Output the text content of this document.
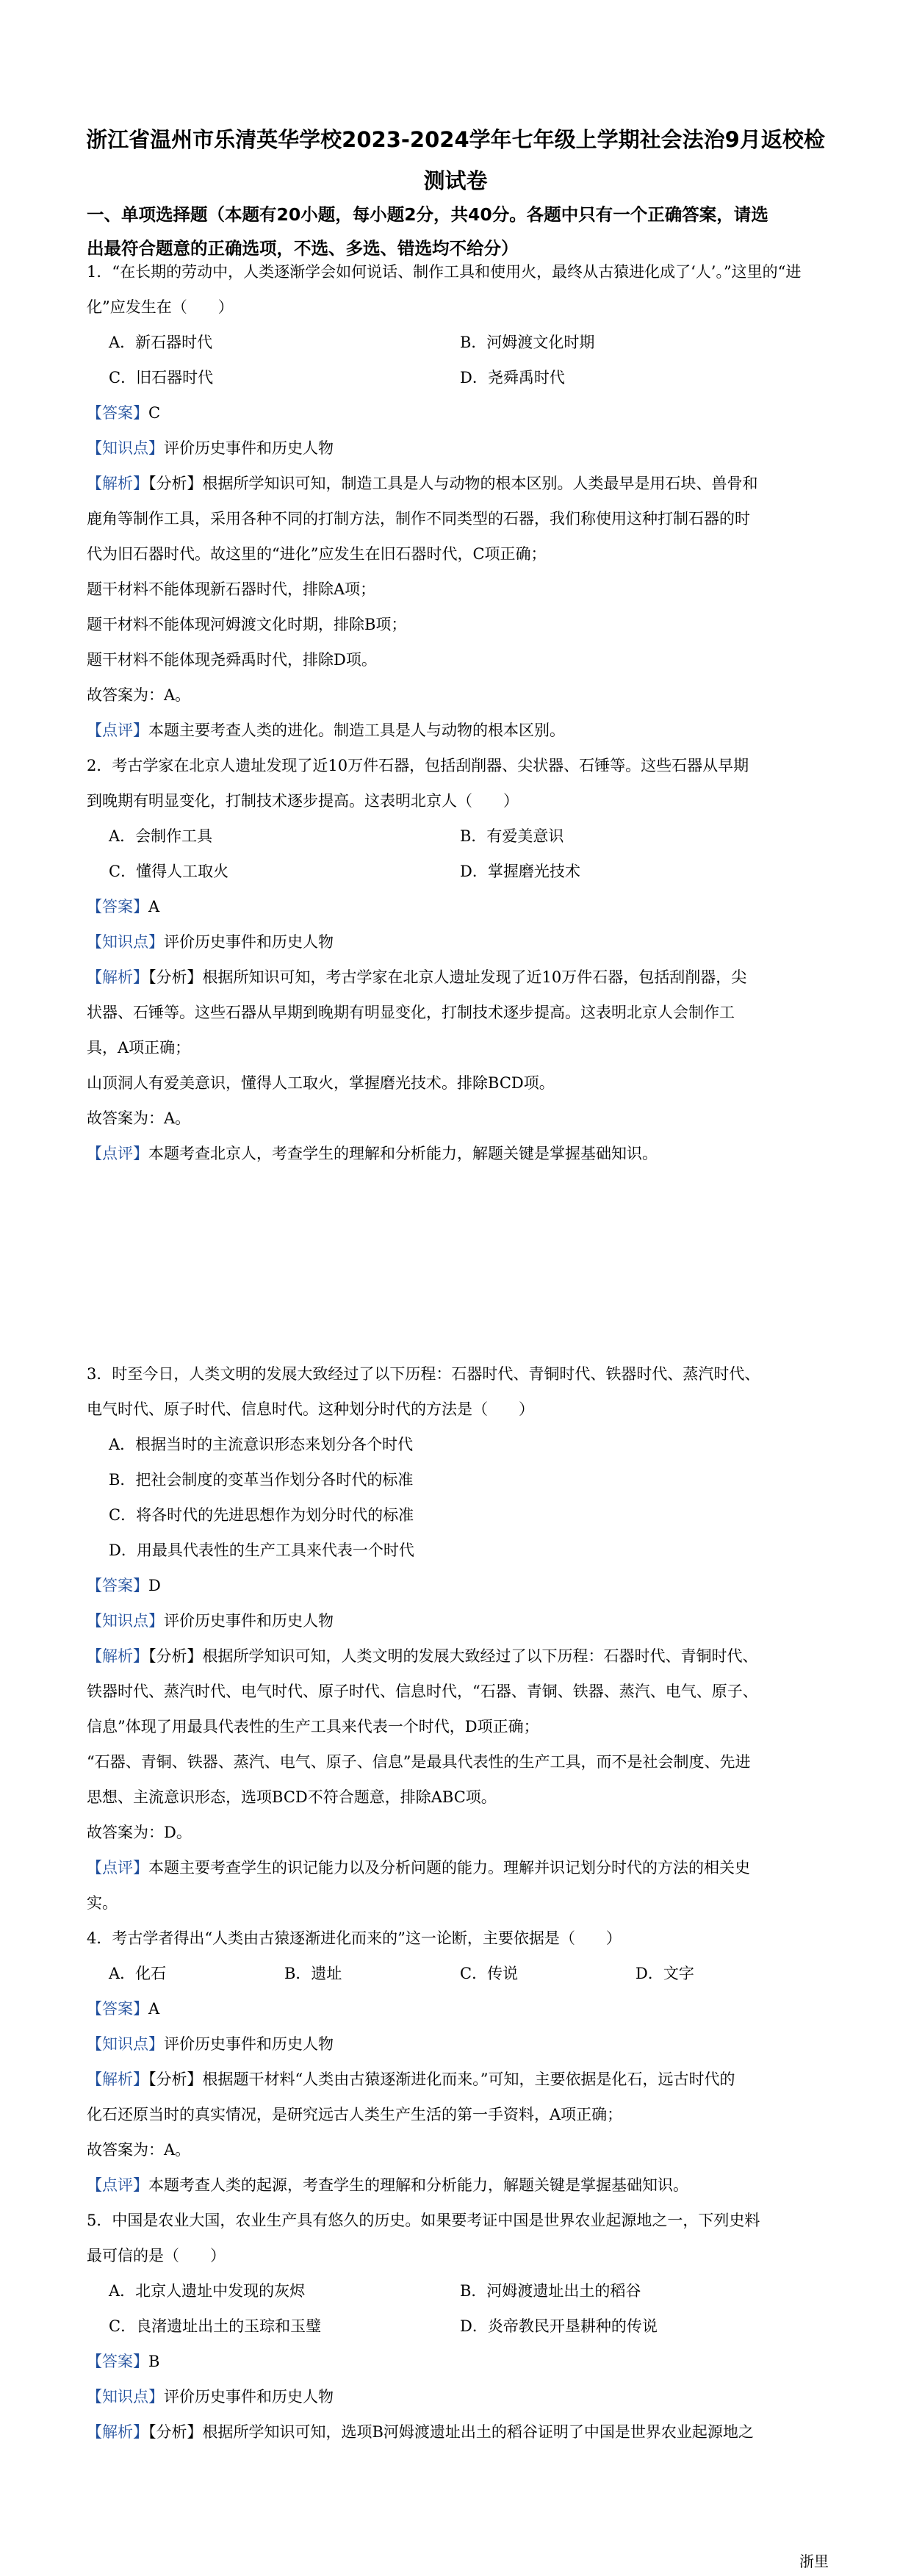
浙江省温州市乐清英华学校2023-2024学年七年级上学期社会法治9月返校检
测试卷
一、单项选择题（本题有20小题，每小题2分，共40分。各题中只有一个正确答案，请选
出最符合题意的正确选项，不选、多选、错选均不给分）
1．“在长期的劳动中，人类逐渐学会如何说话、制作工具和使用火，最终从古猿进化成了‘人’。”这里的“进
化”应发生在（　　）
A．新石器时代	B．河姆渡文化时期
C．旧石器时代	D．尧舜禹时代
【答案】C
【知识点】评价历史事件和历史人物
【解析】【分析】根据所学知识可知，制造工具是人与动物的根本区别。人类最早是用石块、兽骨和
鹿角等制作工具，采用各种不同的打制方法，制作不同类型的石器，我们称使用这种打制石器的时
代为旧石器时代。故这里的“进化”应发生在旧石器时代，C项正确；
题干材料不能体现新石器时代，排除A项；
题干材料不能体现河姆渡文化时期，排除B项；
题干材料不能体现尧舜禹时代，排除D项。
故答案为：A。
【点评】本题主要考查人类的进化。制造工具是人与动物的根本区别。
2．考古学家在北京人遗址发现了近10万件石器，包括刮削器、尖状器、石锤等。这些石器从早期
到晚期有明显变化，打制技术逐步提高。这表明北京人（　　）
A．会制作工具	B．有爱美意识
C．懂得人工取火	D．掌握磨光技术
【答案】A
【知识点】评价历史事件和历史人物
【解析】【分析】根据所知识可知，考古学家在北京人遗址发现了近10万件石器，包括刮削器，尖
状器、石锤等。这些石器从早期到晚期有明显变化，打制技术逐步提高。这表明北京人会制作工
具，A项正确；
山顶洞人有爱美意识，懂得人工取火，掌握磨光技术。排除BCD项。
故答案为：A。
【点评】本题考查北京人，考查学生的理解和分析能力，解题关键是掌握基础知识。
3．时至今日，人类文明的发展大致经过了以下历程：石器时代、青铜时代、铁器时代、蒸汽时代、
电气时代、原子时代、信息时代。这种划分时代的方法是（　　）
A．根据当时的主流意识形态来划分各个时代
B．把社会制度的变革当作划分各时代的标准
C．将各时代的先进思想作为划分时代的标准
D．用最具代表性的生产工具来代表一个时代
【答案】D
【知识点】评价历史事件和历史人物
【解析】【分析】根据所学知识可知，人类文明的发展大致经过了以下历程：石器时代、青铜时代、
铁器时代、蒸汽时代、电气时代、原子时代、信息时代，“石器、青铜、铁器、蒸汽、电气、原子、
信息”体现了用最具代表性的生产工具来代表一个时代，D项正确；
“石器、青铜、铁器、蒸汽、电气、原子、信息”是最具代表性的生产工具，而不是社会制度、先进
思想、主流意识形态，选项BCD不符合题意，排除ABC项。
故答案为：D。
【点评】本题主要考查学生的识记能力以及分析问题的能力。理解并识记划分时代的方法的相关史
实。
4．考古学者得出“人类由古猿逐渐进化而来的”这一论断，主要依据是（　　）
A．化石	B．遗址	C．传说	D．文字
【答案】A
【知识点】评价历史事件和历史人物
【解析】【分析】根据题干材料“人类由古猿逐渐进化而来。”可知，主要依据是化石，远古时代的
化石还原当时的真实情况，是研究远古人类生产生活的第一手资料，A项正确；
故答案为：A。
【点评】本题考查人类的起源，考查学生的理解和分析能力，解题关键是掌握基础知识。
5．中国是农业大国，农业生产具有悠久的历史。如果要考证中国是世界农业起源地之一，下列史料
最可信的是（　　）
A．北京人遗址中发现的灰烬	B．河姆渡遗址出土的稻谷
C．良渚遗址出土的玉琮和玉璧	D．炎帝教民开垦耕种的传说
【答案】B
【知识点】评价历史事件和历史人物
【解析】【分析】根据所学知识可知，选项B河姆渡遗址出土的稻谷证明了中国是世界农业起源地之
浙里
